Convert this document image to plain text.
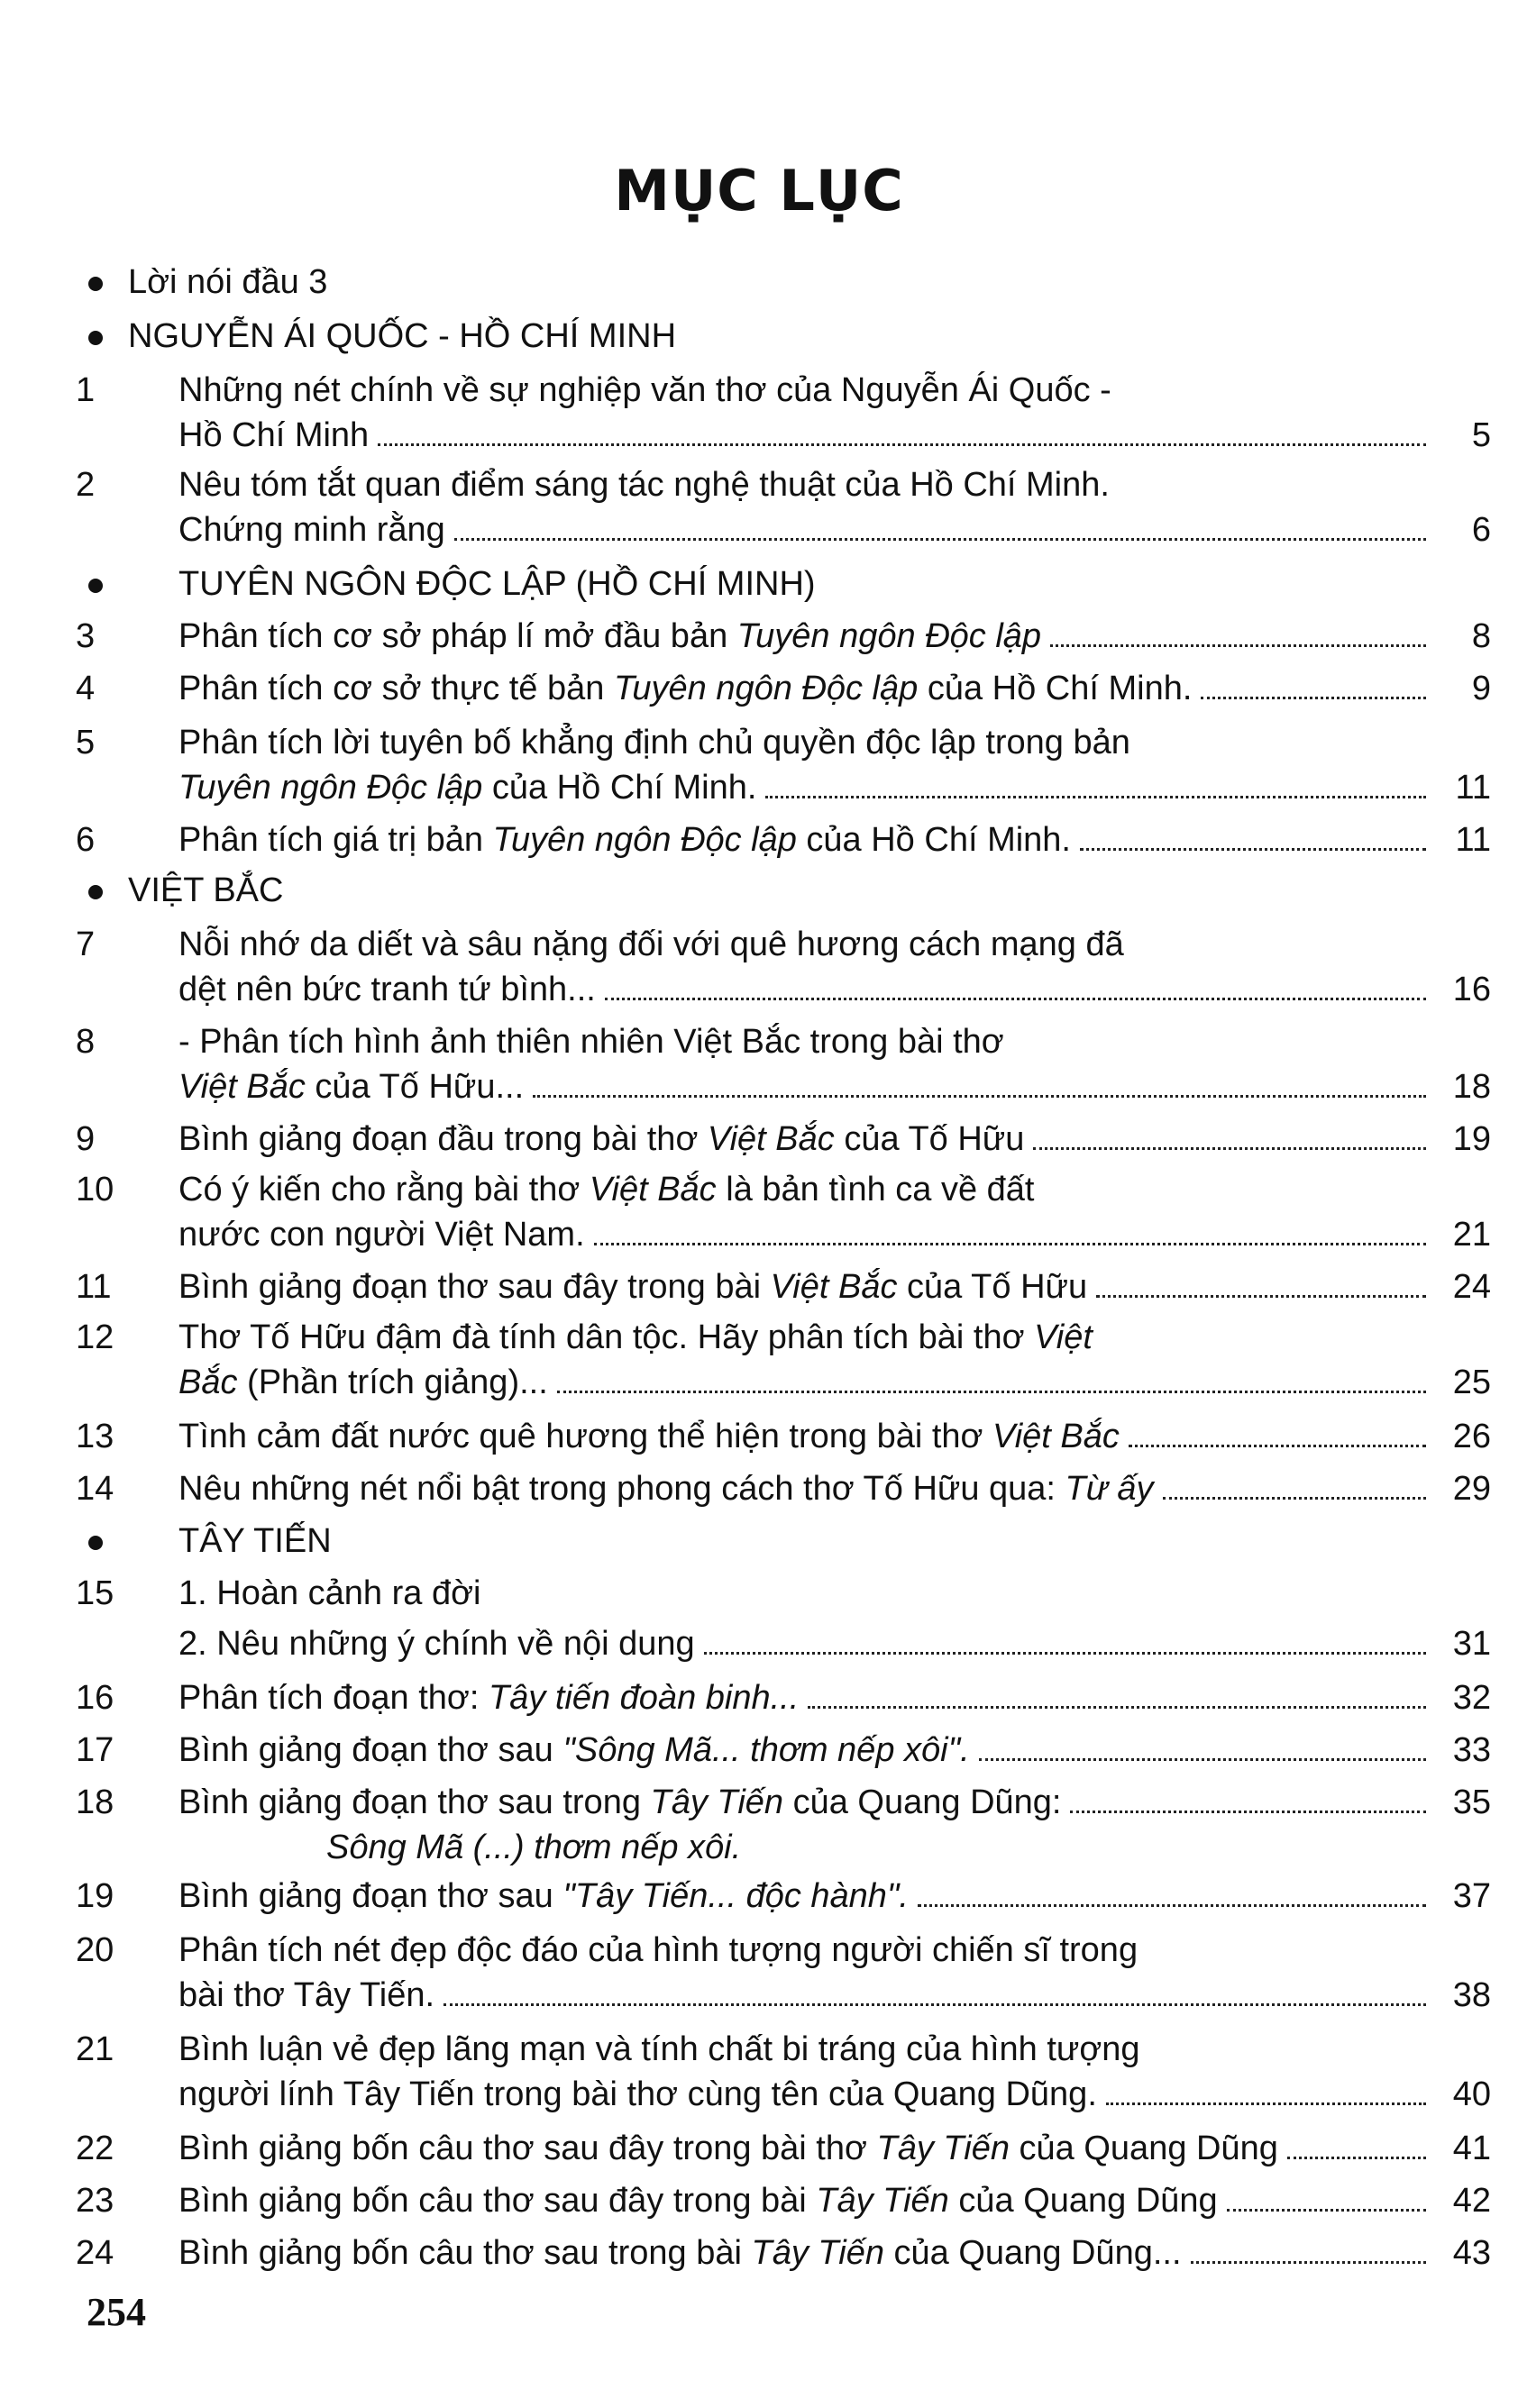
MỤC LỤC
Lời nói đầu 3
NGUYỄN ÁI QUỐC - HỒ CHÍ MINH
1	Những nét chính về sự nghiệp văn thơ của Nguyễn Ái Quốc -
Hồ Chí Minh	5
2	Nêu tóm tắt quan điểm sáng tác nghệ thuật của Hồ Chí Minh.
Chứng minh rằng	6
TUYÊN NGÔN ĐỘC LẬP (HỒ CHÍ MINH)
3	Phân tích cơ sở pháp lí mở đầu bản Tuyên ngôn Độc lập	8
4	Phân tích cơ sở thực tế bản Tuyên ngôn Độc lập của Hồ Chí Minh.	9
5	Phân tích lời tuyên bố khẳng định chủ quyền độc lập trong bản
Tuyên ngôn Độc lập của Hồ Chí Minh.	11
6	Phân tích giá trị bản Tuyên ngôn Độc lập của Hồ Chí Minh.	11
VIỆT BẮC
7	Nỗi nhớ da diết và sâu nặng đối với quê hương cách mạng đã
dệt nên bức tranh tứ bình...	16
8	- Phân tích hình ảnh thiên nhiên Việt Bắc trong bài thơ
Việt Bắc của Tố Hữu...	18
9	Bình giảng đoạn đầu trong bài thơ Việt Bắc của Tố Hữu	19
10	Có ý kiến cho rằng bài thơ Việt Bắc là bản tình ca về đất
nước con người Việt Nam.	21
11	Bình giảng đoạn thơ sau đây trong bài Việt Bắc của Tố Hữu	24
12	Thơ Tố Hữu đậm đà tính dân tộc. Hãy phân tích bài thơ Việt
Bắc (Phần trích giảng)...	25
13	Tình cảm đất nước quê hương thể hiện trong bài thơ Việt Bắc	26
14	Nêu những nét nổi bật trong phong cách thơ Tố Hữu qua: Từ ấy	29
TÂY TIẾN
15	1. Hoàn cảnh ra đời
2. Nêu những ý chính về nội dung	31
16	Phân tích đoạn thơ: Tây tiến đoàn binh...	32
17	Bình giảng đoạn thơ sau "Sông Mã... thơm nếp xôi".	33
18	Bình giảng đoạn thơ sau trong Tây Tiến của Quang Dũng:	35
Sông Mã (...) thơm nếp xôi.
19	Bình giảng đoạn thơ sau "Tây Tiến... độc hành".	37
20	Phân tích nét đẹp độc đáo của hình tượng người chiến sĩ trong
bài thơ Tây Tiến.	38
21	Bình luận vẻ đẹp lãng mạn và tính chất bi tráng của hình tượng
người lính Tây Tiến trong bài thơ cùng tên của Quang Dũng.	40
22	Bình giảng bốn câu thơ sau đây trong bài thơ Tây Tiến của Quang Dũng	41
23	Bình giảng bốn câu thơ sau đây trong bài Tây Tiến của Quang Dũng	42
24	Bình giảng bốn câu thơ sau trong bài Tây Tiến của Quang Dũng...	43
254
